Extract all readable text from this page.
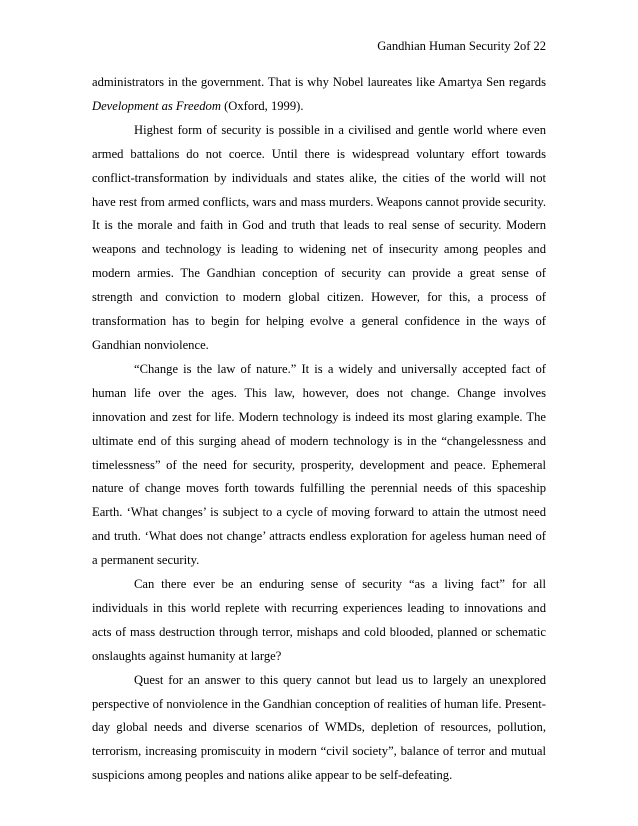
Gandhian Human Security 2of 22

administrators in the government. That is why Nobel laureates like Amartya Sen regards Development as Freedom (Oxford, 1999).

Highest form of security is possible in a civilised and gentle world where even armed battalions do not coerce. Until there is widespread voluntary effort towards conflict-transformation by individuals and states alike, the cities of the world will not have rest from armed conflicts, wars and mass murders. Weapons cannot provide security. It is the morale and faith in God and truth that leads to real sense of security. Modern weapons and technology is leading to widening net of insecurity among peoples and modern armies. The Gandhian conception of security can provide a great sense of strength and conviction to modern global citizen. However, for this, a process of transformation has to begin for helping evolve a general confidence in the ways of Gandhian nonviolence.

“Change is the law of nature.” It is a widely and universally accepted fact of human life over the ages. This law, however, does not change. Change involves innovation and zest for life. Modern technology is indeed its most glaring example. The ultimate end of this surging ahead of modern technology is in the “changelessness and timelessness” of the need for security, prosperity, development and peace. Ephemeral nature of change moves forth towards fulfilling the perennial needs of this spaceship Earth. ‘What changes’ is subject to a cycle of moving forward to attain the utmost need and truth. ‘What does not change’ attracts endless exploration for ageless human need of a permanent security.

Can there ever be an enduring sense of security “as a living fact” for all individuals in this world replete with recurring experiences leading to innovations and acts of mass destruction through terror, mishaps and cold blooded, planned or schematic onslaughts against humanity at large?

Quest for an answer to this query cannot but lead us to largely an unexplored perspective of nonviolence in the Gandhian conception of realities of human life. Present-day global needs and diverse scenarios of WMDs, depletion of resources, pollution, terrorism, increasing promiscuity in modern “civil society”, balance of terror and mutual suspicions among peoples and nations alike appear to be self-defeating.
